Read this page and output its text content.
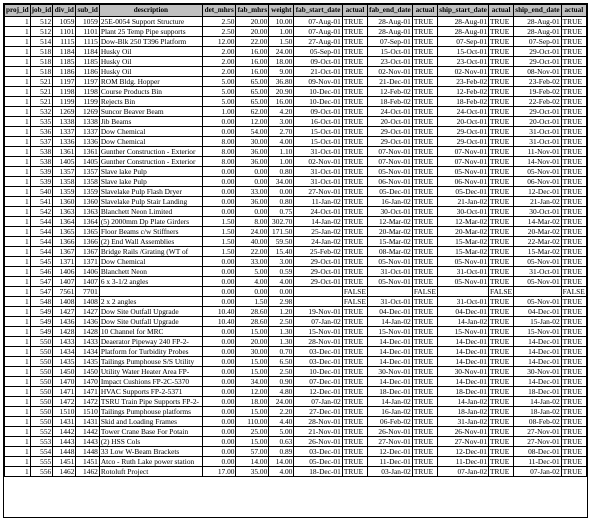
proj_id	job_id	div_id	sub_id	description	det_mhrs	fab_mhrs	weight	fab_start_date	actual	fab_end_date	actual	ship_start_date	actual	ship_end_date	actual
1	512	1059	1059	25E-0054 Support Structure	2.50	20.00	10.00	07-Aug-01	TRUE	28-Aug-01	TRUE	28-Aug-01	TRUE	28-Aug-01	TRUE
1	512	1101	1101	Plant 25 Temp Pipe supports	2.50	20.00	1.00	07-Aug-01	TRUE	28-Aug-01	TRUE	28-Aug-01	TRUE	28-Aug-01	TRUE
1	514	1115	1115	Dow-Blk 250 T396 Platform	12.00	22.00	1.50	27-Aug-01	TRUE	07-Sep-01	TRUE	07-Sep-01	TRUE	07-Sep-01	TRUE
1	518	1184	1184	Husky Oil	2.00	16.00	24.00	05-Sep-01	TRUE	15-Oct-01	TRUE	15-Oct-01	TRUE	29-Oct-01	TRUE
1	518	1185	1185	Husky Oil	2.00	16.00	18.00	09-Oct-01	TRUE	23-Oct-01	TRUE	23-Oct-01	TRUE	29-Oct-01	TRUE
1	518	1186	1186	Husky Oil	2.00	16.00	9.00	21-Oct-01	TRUE	02-Nov-01	TRUE	02-Nov-01	TRUE	08-Nov-01	TRUE
1	521	1197	1197	ROM Bldg. Hopper	5.00	65.00	36.80	09-Nov-01	TRUE	21-Dec-01	TRUE	23-Feb-02	TRUE	23-Feb-02	TRUE
1	521	1198	1198	Course Products Bin	5.00	65.00	20.90	10-Dec-01	TRUE	12-Feb-02	TRUE	12-Feb-02	TRUE	19-Feb-02	TRUE
1	521	1199	1199	Rejects Bin	5.00	65.00	16.00	10-Dec-01	TRUE	18-Feb-02	TRUE	18-Feb-02	TRUE	22-Feb-02	TRUE
1	532	1269	1269	Suncor Beaver Beam	1.00	62.00	4.20	09-Oct-01	TRUE	24-Oct-01	TRUE	24-Oct-01	TRUE	29-Oct-01	TRUE
1	535	1338	1338	Jib Beams	0.00	12.00	3.00	16-Oct-01	TRUE	20-Oct-01	TRUE	20-Oct-01	TRUE	20-Oct-01	TRUE
1	536	1337	1337	Dow Chemical	0.00	54.00	2.70	15-Oct-01	TRUE	29-Oct-01	TRUE	29-Oct-01	TRUE	31-Oct-01	TRUE
1	537	1336	1336	Dow Chemical	8.00	30.00	4.00	15-Oct-01	TRUE	29-Oct-01	TRUE	29-Oct-01	TRUE	31-Oct-01	TRUE
1	538	1361	1361	Gunther Construction - Exterior	8.00	36.00	1.10	31-Oct-01	TRUE	07-Nov-01	TRUE	07-Nov-01	TRUE	11-Nov-01	TRUE
1	538	1405	1405	Gunther Construction - Exterior	8.00	36.00	1.00	02-Nov-01	TRUE	07-Nov-01	TRUE	07-Nov-01	TRUE	14-Nov-01	TRUE
1	539	1357	1357	Slave lake Pulp	0.00	0.00	0.80	31-Oct-01	TRUE	05-Nov-01	TRUE	05-Nov-01	TRUE	05-Nov-01	TRUE
1	539	1358	1358	Slave lake Pulp	0.00	0.00	34.00	31-Oct-01	TRUE	06-Nov-01	TRUE	06-Nov-01	TRUE	06-Nov-01	TRUE
1	540	1359	1359	Slavelake Pulp Flash Dryer	0.00	33.00	0.00	27-Nov-01	TRUE	05-Dec-01	TRUE	05-Dec-01	TRUE	12-Dec-01	TRUE
1	541	1360	1360	Slavelake Pulp Stair Landing	0.00	36.00	0.80	11-Jan-02	TRUE	16-Jan-02	TRUE	21-Jan-02	TRUE	21-Jan-02	TRUE
1	542	1363	1363	Blanchett Neon Limited	0.00	0.00	0.75	24-Oct-01	TRUE	30-Oct-01	TRUE	30-Oct-01	TRUE	30-Oct-01	TRUE
1	544	1364	1364	(5) 2000mm Dp Plate Girders	1.50	8.00	302.70	14-Jan-02	TRUE	12-Mar-02	TRUE	12-Mar-02	TRUE	14-Mar-02	TRUE
1	544	1365	1365	Floor Beams c/w Stiffners	1.50	24.00	171.50	25-Jan-02	TRUE	20-Mar-02	TRUE	20-Mar-02	TRUE	20-Mar-02	TRUE
1	544	1366	1366	(2) End Wall Assemblies	1.50	40.00	59.50	24-Jan-02	TRUE	15-Mar-02	TRUE	15-Mar-02	TRUE	22-Mar-02	TRUE
1	544	1367	1367	Bridge Rails /Grating (WT of	1.50	22.00	15.40	25-Feb-02	TRUE	08-Mar-02	TRUE	15-Mar-02	TRUE	15-Mar-02	TRUE
1	545	1371	1371	Dow Chemical	0.00	33.00	3.00	29-Oct-01	TRUE	05-Nov-01	TRUE	05-Nov-01	TRUE	05-Nov-01	TRUE
1	546	1406	1406	Blanchett Neon	0.00	5.00	0.59	29-Oct-01	TRUE	31-Oct-01	TRUE	31-Oct-01	TRUE	31-Oct-01	TRUE
1	547	1407	1407	6 x 3-1/2 angles	0.00	4.00	4.00	29-Oct-01	TRUE	05-Nov-01	TRUE	05-Nov-01	TRUE	05-Nov-01	TRUE
1	547	7561	7701		0.00	0.00	0.00		FALSE		FALSE		FALSE		FALSE
1	548	1408	1408	2 x 2 angles	0.00	1.50	2.98		FALSE	31-Oct-01	TRUE	31-Oct-01	TRUE	05-Nov-01	TRUE
1	549	1427	1427	Dow Site Outfall Upgrade	10.40	28.60	1.20	19-Nov-01	TRUE	04-Dec-01	TRUE	04-Dec-01	TRUE	04-Dec-01	TRUE
1	549	1436	1436	Dow Site Outfall Upgrade	10.40	28.60	2.50	07-Jan-02	TRUE	14-Jan-02	TRUE	14-Jan-02	TRUE	15-Jan-02	TRUE
1	549	1428	1428	10 Channel for MRC	0.00	15.00	1.30	15-Nov-01	TRUE	15-Nov-01	TRUE	15-Nov-01	TRUE	15-Nov-01	TRUE
1	550	1433	1433	Deaerator Pipeway 240 FP-2-	0.00	20.00	1.30	28-Nov-01	TRUE	14-Dec-01	TRUE	14-Dec-01	TRUE	14-Dec-01	TRUE
1	550	1434	1434	Platform for Turbidity Probes	0.00	30.00	0.70	03-Dec-01	TRUE	14-Dec-01	TRUE	14-Dec-01	TRUE	14-Dec-01	TRUE
1	550	1435	1435	Tailings Pumphouse S/S Utility	0.00	15.00	6.50	03-Dec-01	TRUE	14-Dec-01	TRUE	14-Dec-01	TRUE	14-Dec-01	TRUE
1	550	1450	1450	Utility Water Heater Area FP-	0.00	15.00	2.50	10-Dec-01	TRUE	30-Nov-01	TRUE	30-Nov-01	TRUE	30-Nov-01	TRUE
1	550	1470	1470	Impact Cushions FP-2C-5370	0.00	34.00	0.90	07-Dec-01	TRUE	14-Dec-01	TRUE	14-Dec-01	TRUE	14-Dec-01	TRUE
1	550	1471	1471	HVAC Supports FP-2-5371	0.00	12.00	4.80	12-Dec-01	TRUE	18-Dec-01	TRUE	18-Dec-01	TRUE	18-Dec-01	TRUE
1	550	1472	1472	TSRU Train Pipe Supports FP-2-	0.00	18.00	24.00	07-Jan-02	TRUE	14-Jan-02	TRUE	14-Jan-02	TRUE	14-Jan-02	TRUE
1	550	1510	1510	Tailings Pumphouse platforms	0.00	15.00	2.20	27-Dec-01	TRUE	16-Jan-02	TRUE	18-Jan-02	TRUE	18-Jan-02	TRUE
1	550	1431	1431	Skid and Loading Frames	0.00	110.00	4.40	28-Nov-01	TRUE	06-Feb-02	TRUE	31-Jan-02	TRUE	08-Feb-02	TRUE
1	552	1442	1442	Tower Crane Base For Potain	0.00	25.00	5.00	21-Nov-01	TRUE	26-Nov-01	TRUE	26-Nov-01	TRUE	27-Nov-01	TRUE
1	553	1443	1443	(2) HSS Cols	0.00	15.00	0.63	26-Nov-01	TRUE	27-Nov-01	TRUE	27-Nov-01	TRUE	27-Nov-01	TRUE
1	554	1448	1448	33 Low W-Beam Brackets	0.00	57.00	0.89	03-Dec-01	TRUE	12-Dec-01	TRUE	12-Dec-01	TRUE	08-Dec-01	TRUE
1	555	1451	1451	Atco - Ruth Lake power station	0.00	14.00	14.00	05-Dec-01	TRUE	11-Dec-01	TRUE	11-Dec-01	TRUE	11-Dec-01	TRUE
1	556	1462	1462	Rotoluft Project	17.00	35.00	4.00	18-Dec-01	TRUE	03-Jan-02	TRUE	07-Jan-02	TRUE	07-Jan-02	TRUE
